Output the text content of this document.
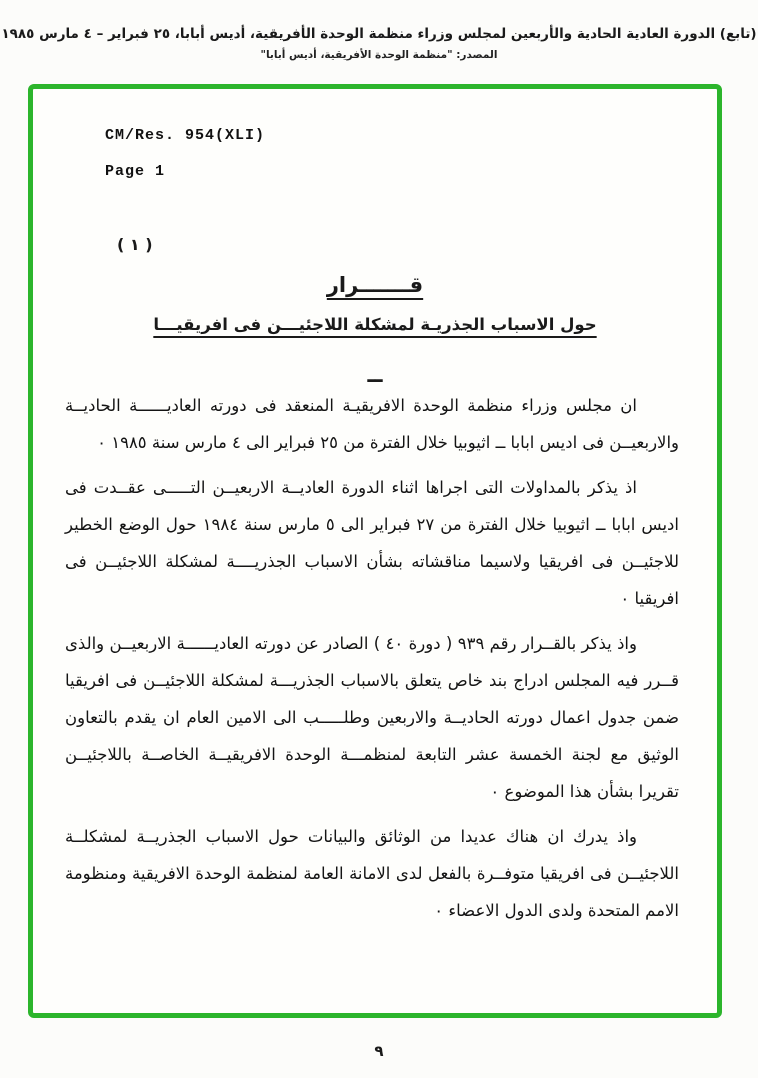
(تابع) الدورة العادية الحادية والأربعين لمجلس وزراء منظمة الوحدة الأفريقية، أديس أبابا، ٢٥ فبراير – ٤ مارس ١٩٨٥
المصدر: "منظمة الوحدة الأفريقية، أديس أبابا"
CM/Res. 954(XLI)
Page 1
( ١ )
قـــــــرار
حول الاسباب الجذريـة لمشكلة اللاجئيـــن فى افريقيـــا
ــ

ان مجلس وزراء منظمة الوحدة الافريقيـة المنعقد فى دورته العاديــــــة الحاديــة والاربعيــن فى اديس ابابا ــ اثيوبيا خلال الفترة من ٢٥ فبراير الى ٤ مارس سنة ١٩٨٥ ٠

اذ يذكر بالمداولات التى اجراها اثناء الدورة العاديــة الاربعيــن التـــــى عقــدت فى اديس ابابا ــ اثيوبيا خلال الفترة من ٢٧ فبراير الى ٥ مارس سنة ١٩٨٤ حول الوضع الخطير للاجئيــن فى افريقيا ولاسيما مناقشاته بشأن الاسباب الجذريــــة لمشكلة اللاجئيــن فى افريقيا ٠

واذ يذكر بالقــرار رقم ٩٣٩ ( دورة ٤٠ ) الصادر عن دورته العاديــــــة الاربعيــن والذى قــرر فيه المجلس ادراج بند خاص يتعلق بالاسباب الجذريـــة لمشكلة اللاجئيــن فى افريقيا ضمن جدول اعمال دورته الحاديــة والاربعين وطلـــــب الى الامين العام ان يقدم بالتعاون الوثيق مع لجنة الخمسة عشر التابعة لمنظمـــة الوحدة الافريقيــة الخاصــة باللاجئيــن تقريرا بشأن هذا الموضوع ٠

واذ يدرك ان هناك عديدا من الوثائق والبيانات حول الاسباب الجذريــة لمشكلــة اللاجئيــن فى افريقيا متوفــرة بالفعل لدى الامانة العامة لمنظمة الوحدة الافريقية ومنظومة الامم المتحدة ولدى الدول الاعضاء ٠

٩
